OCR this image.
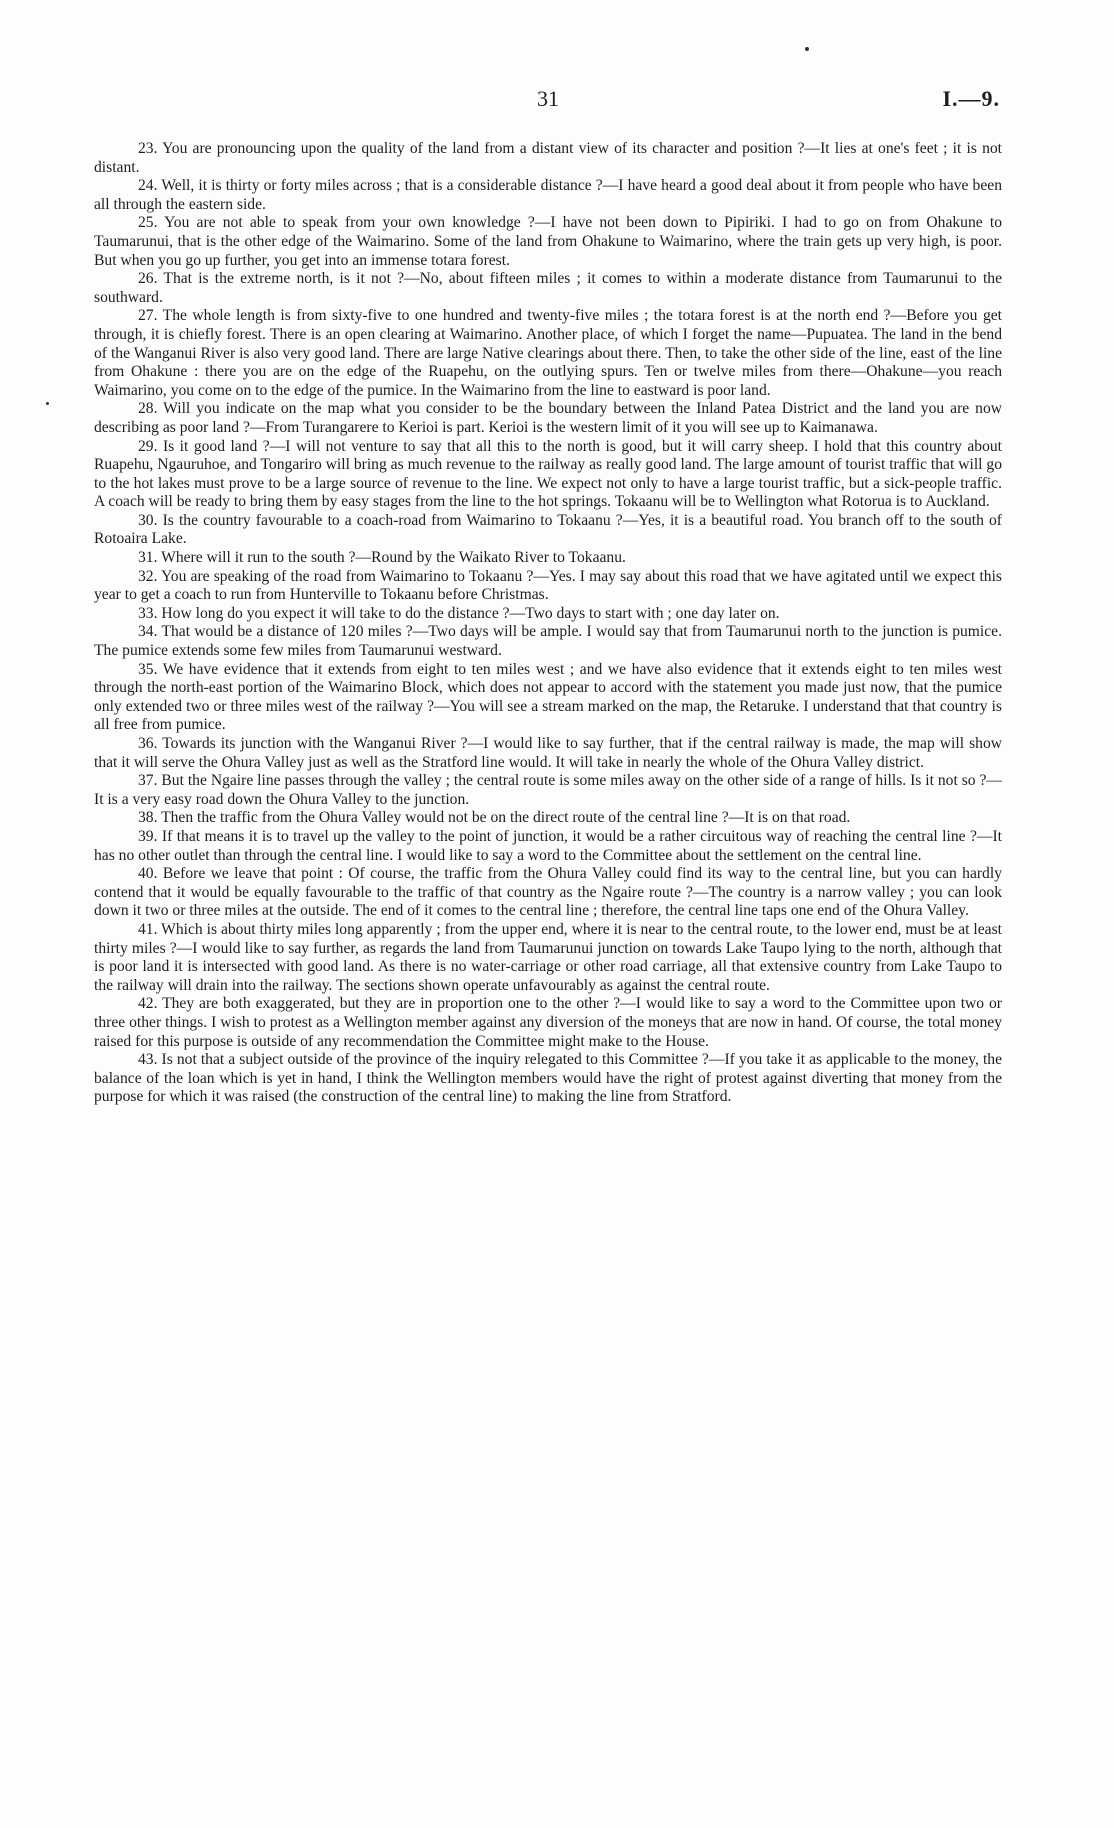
31	I.—9.

23. You are pronouncing upon the quality of the land from a distant view of its character and position ?—It lies at one's feet ; it is not distant.

24. Well, it is thirty or forty miles across ; that is a considerable distance ?—I have heard a good deal about it from people who have been all through the eastern side.

25. You are not able to speak from your own knowledge ?—I have not been down to Pipiriki. I had to go on from Ohakune to Taumarunui, that is the other edge of the Waimarino. Some of the land from Ohakune to Waimarino, where the train gets up very high, is poor. But when you go up further, you get into an immense totara forest.

26. That is the extreme north, is it not ?—No, about fifteen miles ; it comes to within a moderate distance from Taumarunui to the southward.

27. The whole length is from sixty-five to one hundred and twenty-five miles ; the totara forest is at the north end ?—Before you get through, it is chiefly forest. There is an open clearing at Waimarino. Another place, of which I forget the name—Pupuatea. The land in the bend of the Wanganui River is also very good land. There are large Native clearings about there. Then, to take the other side of the line, east of the line from Ohakune : there you are on the edge of the Ruapehu, on the outlying spurs. Ten or twelve miles from there—Ohakune—you reach Waimarino, you come on to the edge of the pumice. In the Waimarino from the line to eastward is poor land.

28. Will you indicate on the map what you consider to be the boundary between the Inland Patea District and the land you are now describing as poor land ?—From Turangarere to Kerioi is part. Kerioi is the western limit of it you will see up to Kaimanawa.

29. Is it good land ?—I will not venture to say that all this to the north is good, but it will carry sheep. I hold that this country about Ruapehu, Ngauruhoe, and Tongariro will bring as much revenue to the railway as really good land. The large amount of tourist traffic that will go to the hot lakes must prove to be a large source of revenue to the line. We expect not only to have a large tourist traffic, but a sick-people traffic. A coach will be ready to bring them by easy stages from the line to the hot springs. Tokaanu will be to Wellington what Rotorua is to Auckland.

30. Is the country favourable to a coach-road from Waimarino to Tokaanu ?—Yes, it is a beautiful road. You branch off to the south of Rotoaira Lake.

31. Where will it run to the south ?—Round by the Waikato River to Tokaanu.

32. You are speaking of the road from Waimarino to Tokaanu ?—Yes. I may say about this road that we have agitated until we expect this year to get a coach to run from Hunterville to Tokaanu before Christmas.

33. How long do you expect it will take to do the distance ?—Two days to start with ; one day later on.

34. That would be a distance of 120 miles ?—Two days will be ample. I would say that from Taumarunui north to the junction is pumice. The pumice extends some few miles from Taumarunui westward.

35. We have evidence that it extends from eight to ten miles west ; and we have also evidence that it extends eight to ten miles west through the north-east portion of the Waimarino Block, which does not appear to accord with the statement you made just now, that the pumice only extended two or three miles west of the railway ?—You will see a stream marked on the map, the Retaruke. I understand that that country is all free from pumice.

36. Towards its junction with the Wanganui River ?—I would like to say further, that if the central railway is made, the map will show that it will serve the Ohura Valley just as well as the Stratford line would. It will take in nearly the whole of the Ohura Valley district.

37. But the Ngaire line passes through the valley ; the central route is some miles away on the other side of a range of hills. Is it not so ?—It is a very easy road down the Ohura Valley to the junction.

38. Then the traffic from the Ohura Valley would not be on the direct route of the central line ?—It is on that road.

39. If that means it is to travel up the valley to the point of junction, it would be a rather circuitous way of reaching the central line ?—It has no other outlet than through the central line. I would like to say a word to the Committee about the settlement on the central line.

40. Before we leave that point : Of course, the traffic from the Ohura Valley could find its way to the central line, but you can hardly contend that it would be equally favourable to the traffic of that country as the Ngaire route ?—The country is a narrow valley ; you can look down it two or three miles at the outside. The end of it comes to the central line ; therefore, the central line taps one end of the Ohura Valley.

41. Which is about thirty miles long apparently ; from the upper end, where it is near to the central route, to the lower end, must be at least thirty miles ?—I would like to say further, as regards the land from Taumarunui junction on towards Lake Taupo lying to the north, although that is poor land it is intersected with good land. As there is no water-carriage or other road carriage, all that extensive country from Lake Taupo to the railway will drain into the railway. The sections shown operate unfavourably as against the central route.

42. They are both exaggerated, but they are in proportion one to the other ?—I would like to say a word to the Committee upon two or three other things. I wish to protest as a Wellington member against any diversion of the moneys that are now in hand. Of course, the total money raised for this purpose is outside of any recommendation the Committee might make to the House.

43. Is not that a subject outside of the province of the inquiry relegated to this Committee ?—If you take it as applicable to the money, the balance of the loan which is yet in hand, I think the Wellington members would have the right of protest against diverting that money from the purpose for which it was raised (the construction of the central line) to making the line from Stratford.
